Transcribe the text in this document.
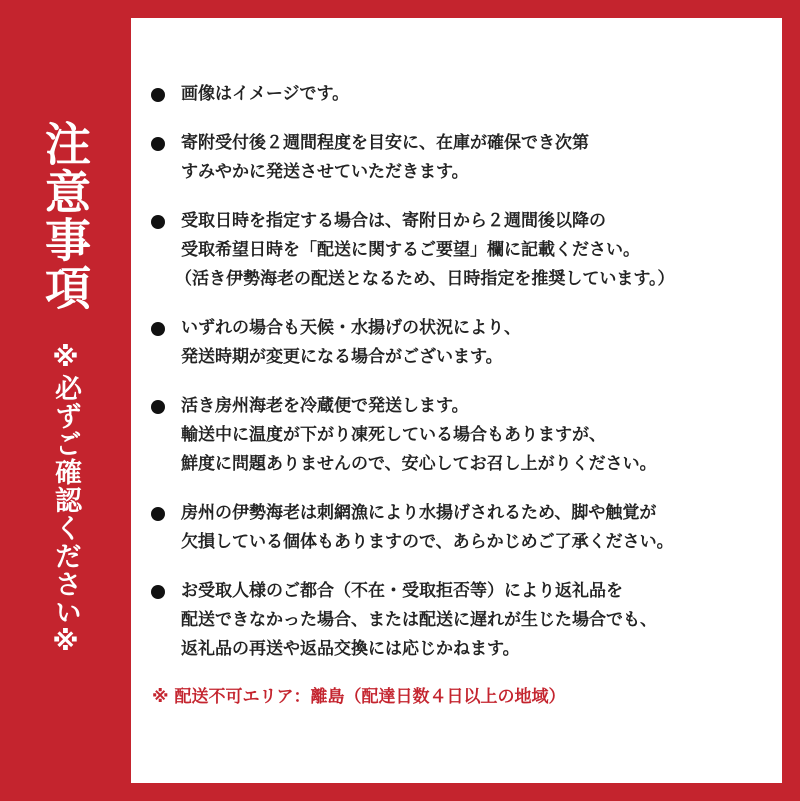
注意事項
※必ずご確認ください※
画像はイメージです。
寄附受付後２週間程度を目安に、在庫が確保でき次第
すみやかに発送させていただきます。
受取日時を指定する場合は、寄附日から２週間後以降の
受取希望日時を「配送に関するご要望」欄に記載ください。
（活き伊勢海老の配送となるため、日時指定を推奨しています。）
いずれの場合も天候・水揚げの状況により、
発送時期が変更になる場合がございます。
活き房州海老を冷蔵便で発送します。
輸送中に温度が下がり凍死している場合もありますが、
鮮度に問題ありませんので、安心してお召し上がりください。
房州の伊勢海老は刺網漁により水揚げされるため、脚や触覚が
欠損している個体もありますので、あらかじめご了承ください。
お受取人様のご都合（不在・受取拒否等）により返礼品を
配送できなかった場合、または配送に遅れが生じた場合でも、
返礼品の再送や返品交換には応じかねます。
※ 配送不可エリア：離島（配達日数４日以上の地域）
